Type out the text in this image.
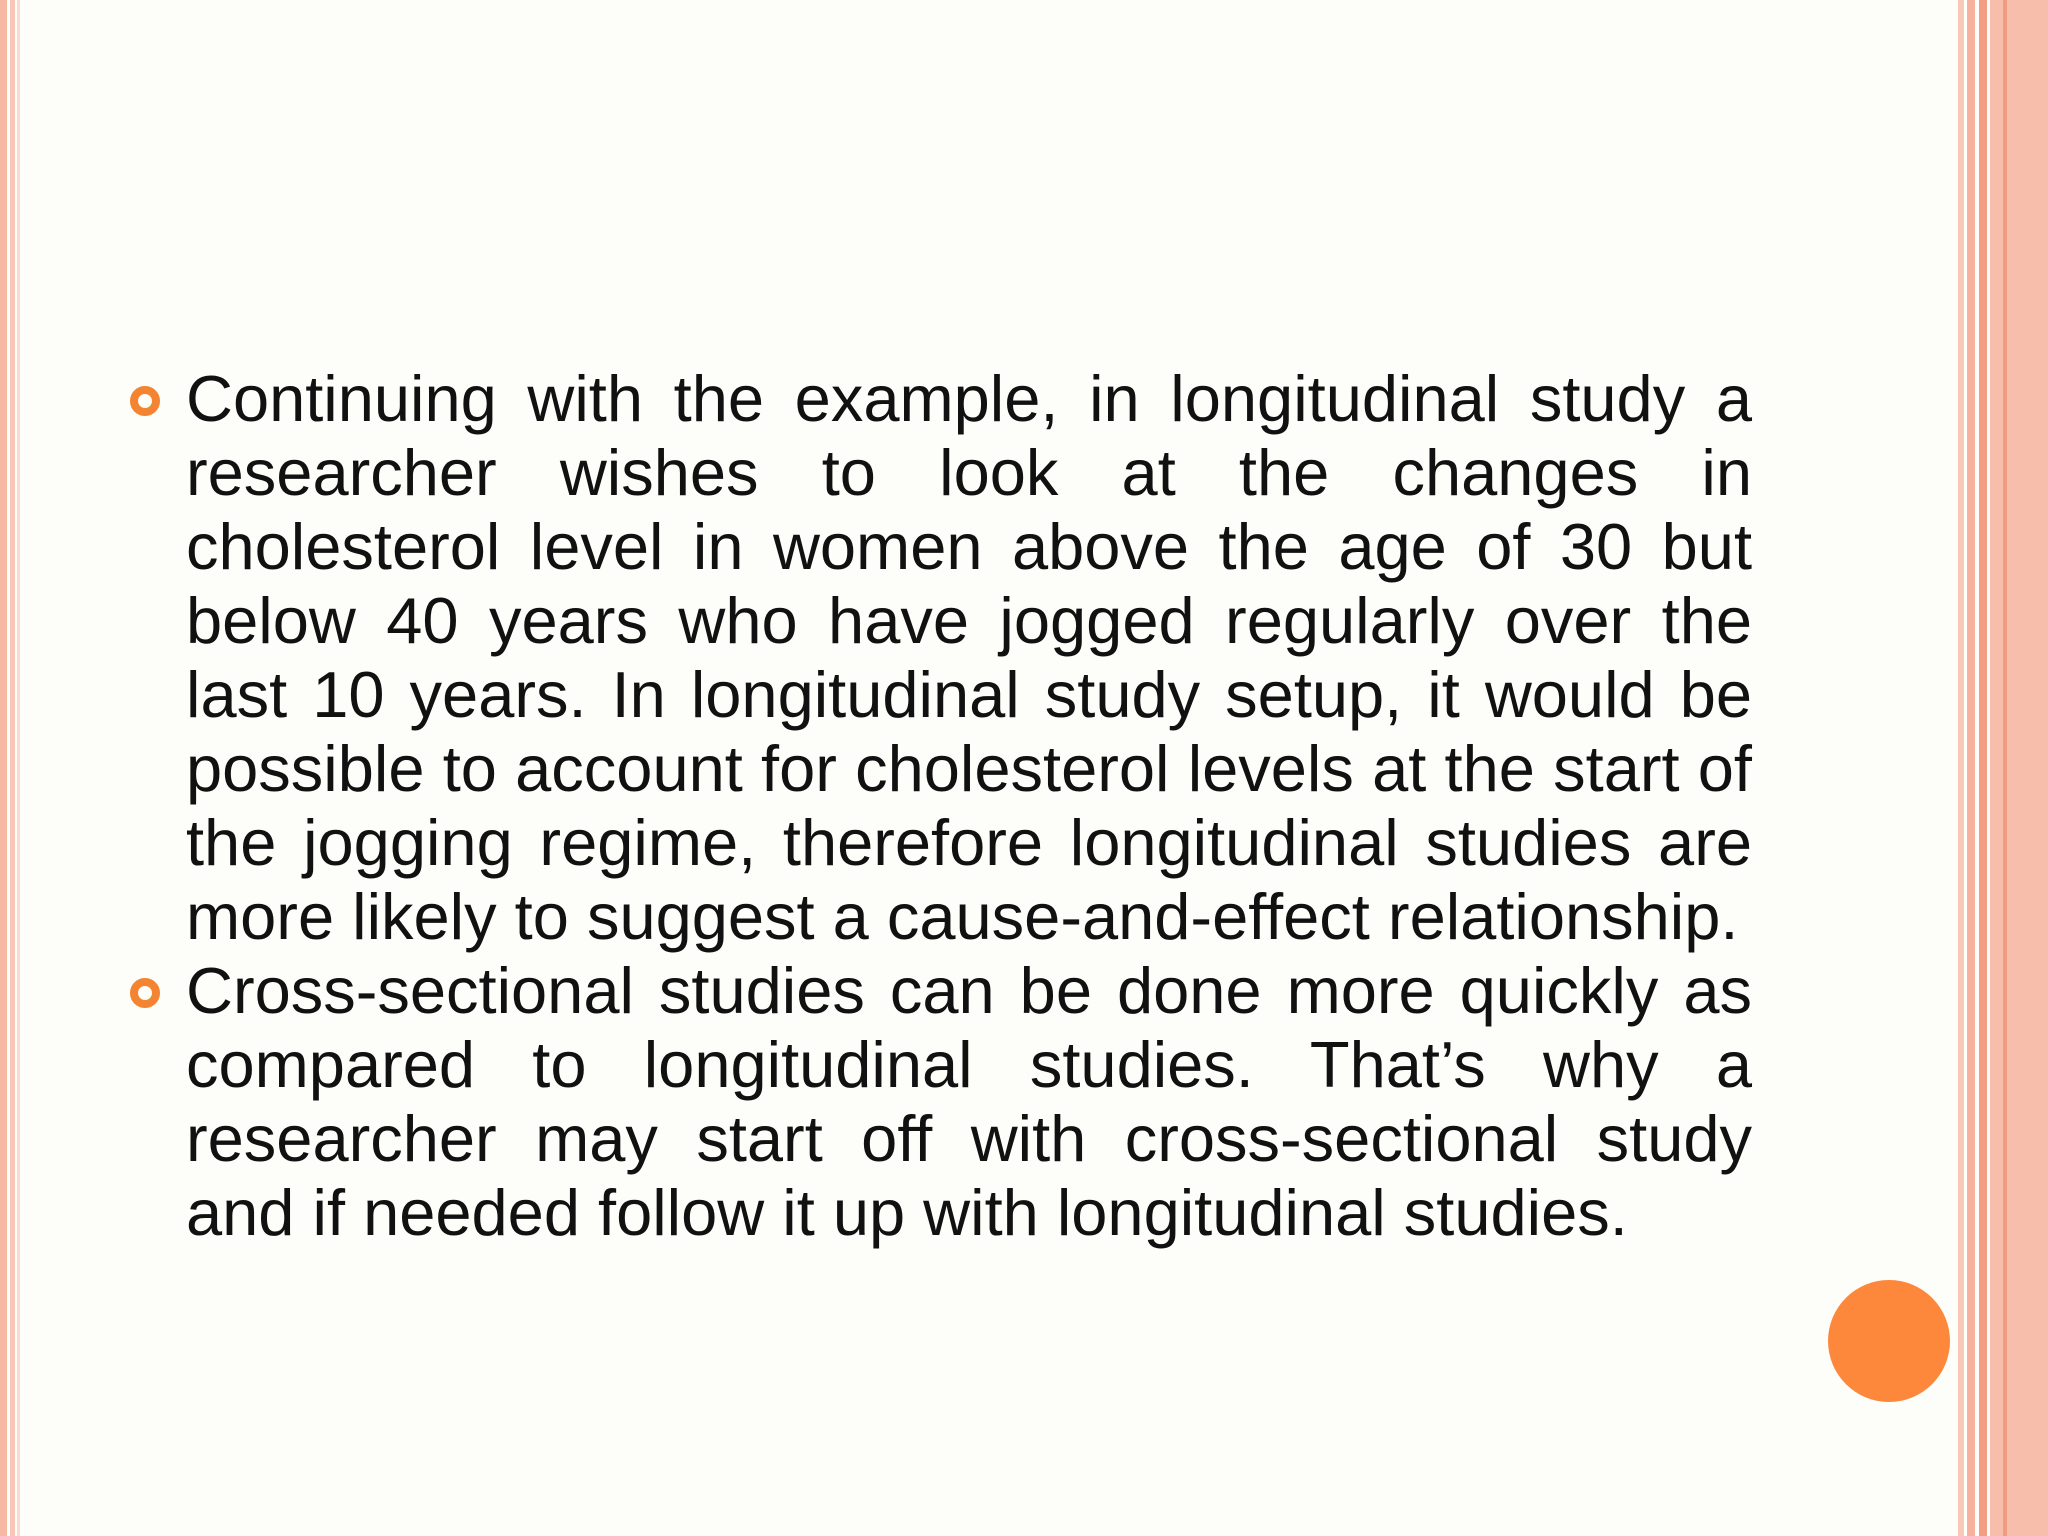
Continuing with the example, in longitudinal study a researcher wishes to look at the changes in cholesterol level in women above the age of 30 but below 40 years who have jogged regularly over the last 10 years. In longitudinal study setup, it would be possible to account for cholesterol levels at the start of the jogging regime, therefore longitudinal studies are more likely to suggest a cause-and-effect relationship.
Cross-sectional studies can be done more quickly as compared to longitudinal studies. That’s why a researcher may start off with cross-sectional study and if needed follow it up with longitudinal studies.
